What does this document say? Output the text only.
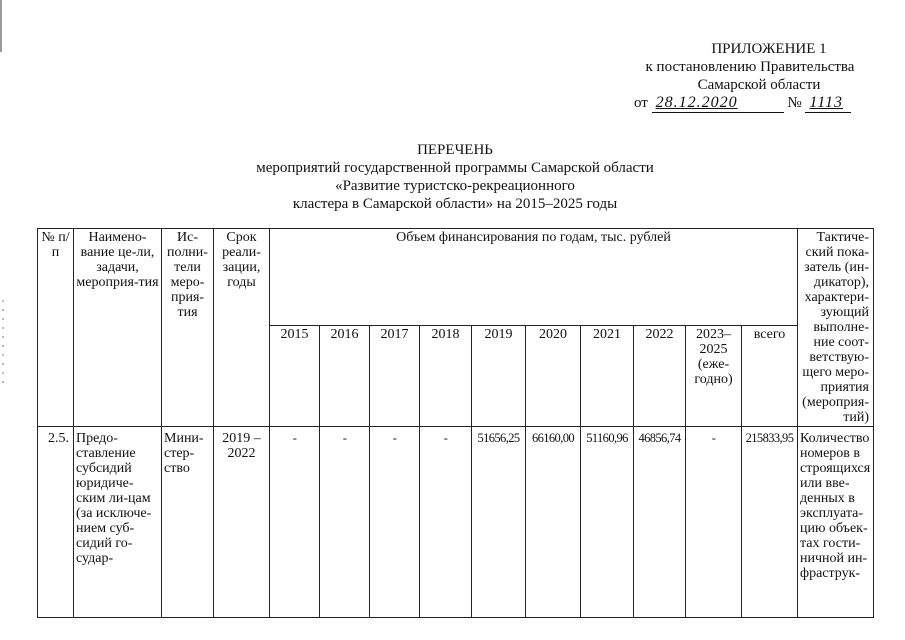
ПРИЛОЖЕНИЕ 1
к постановлению Правительства
Самарской области
от 28.12.2020	№ 1113
ПЕРЕЧЕНЬ
мероприятий государственной программы Самарской области
«Развитие туристско-рекреационного
кластера в Самарской области» на 2015–2025 годы
№ п/п	Наимено-вание це-ли, задачи, мероприя-тия	Ис-полни-тели меро-прия-тия	Срок реали-зации, годы	Объем финансирования по годам, тыс. рублей										Тактиче-ский пока-затель (ин-дикатор), характери-зующий выполне-ние соот-ветствую-щего меро-приятия (мероприя-тий)
				2015	2016	2017	2018	2019	2020	2021	2022	2023–2025 (еже-годно)	всего	
2.5.	Предо-ставление субсидий юридиче-ским ли-цам (за исключе-нием суб-сидий го-судар-	Мини-стер-ство	2019 – 2022	-	-	-	-	51656,25	66160,00	51160,96	46856,74	-	215833,95	Количество номеров в строящихся или вве-денных в эксплуата-цию объек-тах гости-ничной ин-фраструк-
